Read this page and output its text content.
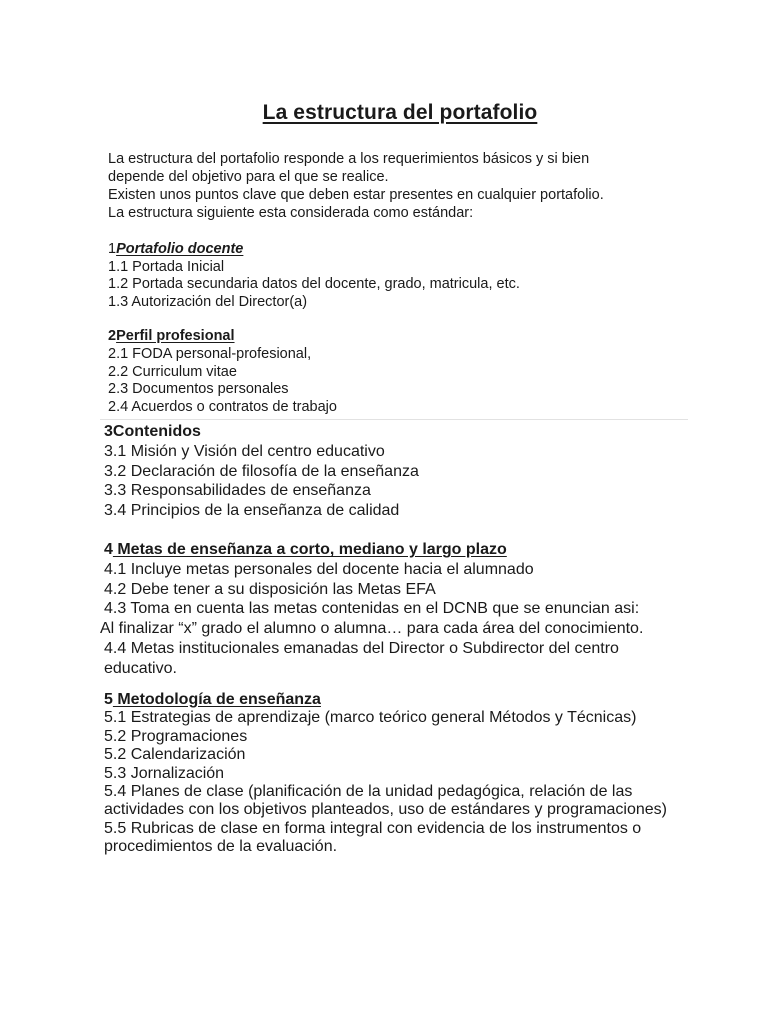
La estructura del portafolio
La estructura del portafolio responde a los requerimientos básicos y si bien
depende del objetivo para el que se realice.
Existen unos puntos clave que deben estar presentes en cualquier portafolio.
La estructura siguiente esta considerada como estándar:
1Portafolio docente
1.1 Portada Inicial
1.2 Portada secundaria datos del docente, grado, matricula, etc.
1.3 Autorización del Director(a)
2Perfil profesional
2.1 FODA personal-profesional,
2.2 Curriculum vitae
2.3 Documentos personales
2.4 Acuerdos o contratos de trabajo
3Contenidos
3.1 Misión y Visión del centro educativo
3.2 Declaración de filosofía de la enseñanza
3.3 Responsabilidades de enseñanza
3.4 Principios de la enseñanza de calidad
4 Metas de enseñanza a corto, mediano y largo plazo
4.1 Incluye metas personales del docente hacia el alumnado
4.2 Debe tener a su disposición las Metas EFA
4.3 Toma en cuenta las metas contenidas en el DCNB que se enuncian asi:
Al finalizar “x” grado el alumno o alumna… para cada área del conocimiento.
4.4 Metas institucionales emanadas del Director o Subdirector del centro
educativo.
5 Metodología de enseñanza
5.1 Estrategias de aprendizaje (marco teórico general Métodos y Técnicas)
5.2 Programaciones
5.2 Calendarización
5.3 Jornalización
5.4 Planes de clase (planificación de la unidad pedagógica, relación de las
actividades con los objetivos planteados, uso de estándares y programaciones)
5.5 Rubricas de clase en forma integral con evidencia de los instrumentos o
procedimientos de la evaluación.
